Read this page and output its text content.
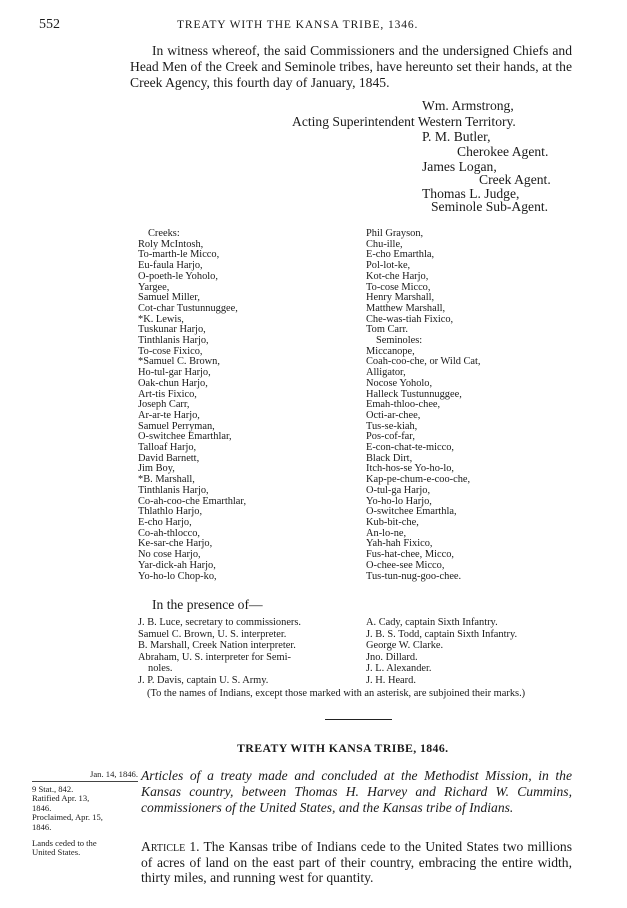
552	TREATY WITH THE KANSA TRIBE, 1346.
In witness whereof, the said Commissioners and the undersigned Chiefs and Head Men of the Creek and Seminole tribes, have hereunto set their hands, at the Creek Agency, this fourth day of January, 1845.
Wm. Armstrong,
Acting Superintendent Western Territory.
P. M. Butler,
Cherokee Agent.
James Logan,
Creek Agent.
Thomas L. Judge,
Seminole Sub-Agent.
Creeks:
Roly McIntosh,
To-marth-le Micco,
Eu-faula Harjo,
O-poeth-le Yoholo,
Yargee,
Samuel Miller,
Cot-char Tustunnuggee,
*K. Lewis,
Tuskunar Harjo,
Tinthlanis Harjo,
To-cose Fixico,
*Samuel C. Brown,
Ho-tul-gar Harjo,
Oak-chun Harjo,
Art-tis Fixico,
Joseph Carr,
Ar-ar-te Harjo,
Samuel Perryman,
O-switchee Emarthlar,
Talloaf Harjo,
David Barnett,
Jim Boy,
*B. Marshall,
Tinthlanis Harjo,
Co-ah-coo-che Emarthlar,
Thlathlo Harjo,
E-cho Harjo,
Co-ah-thlocco,
Ke-sar-che Harjo,
No cose Harjo,
Yar-dick-ah Harjo,
Yo-ho-lo Chop-ko,
Phil Grayson,
Chu-ille,
E-cho Emarthla,
Pol-lot-ke,
Kot-che Harjo,
To-cose Micco,
Henry Marshall,
Matthew Marshall,
Che-was-tiah Fixico,
Tom Carr.
Seminoles:
Miccanope,
Coah-coo-che, or Wild Cat,
Alligator,
Nocose Yoholo,
Halleck Tustunnuggee,
Emah-thloo-chee,
Octi-ar-chee,
Tus-se-kiah,
Pos-cof-far,
E-con-chat-te-micco,
Black Dirt,
Itch-hos-se Yo-ho-lo,
Kap-pe-chum-e-coo-che,
O-tul-ga Harjo,
Yo-ho-lo Harjo,
O-switchee Emarthla,
Kub-bit-che,
An-lo-ne,
Yah-hah Fixico,
Fus-hat-chee, Micco,
O-chee-see Micco,
Tus-tun-nug-goo-chee.
In the presence of—
J. B. Luce, secretary to commissioners.
Samuel C. Brown, U. S. interpreter.
B. Marshall, Creek Nation interpreter.
Abraham, U. S. interpreter for Semi-
noles.
J. P. Davis, captain U. S. Army.
A. Cady, captain Sixth Infantry.
J. B. S. Todd, captain Sixth Infantry.
George W. Clarke.
Jno. Dillard.
J. L. Alexander.
J. H. Heard.
(To the names of Indians, except those marked with an asterisk, are subjoined their marks.)
TREATY WITH KANSA TRIBE, 1846.
Jan. 14, 1846.
9 Stat., 842.
Ratified Apr. 13,
1846.
Proclaimed, Apr. 15,
1846.
Lands ceded to the
United States.
Articles of a treaty made and concluded at the Methodist Mission, in the Kansas country, between Thomas H. Harvey and Richard W. Cummins, commissioners of the United States, and the Kansas tribe of Indians.
Article 1. The Kansas tribe of Indians cede to the United States two millions of acres of land on the east part of their country, embracing the entire width, thirty miles, and running west for quantity.
